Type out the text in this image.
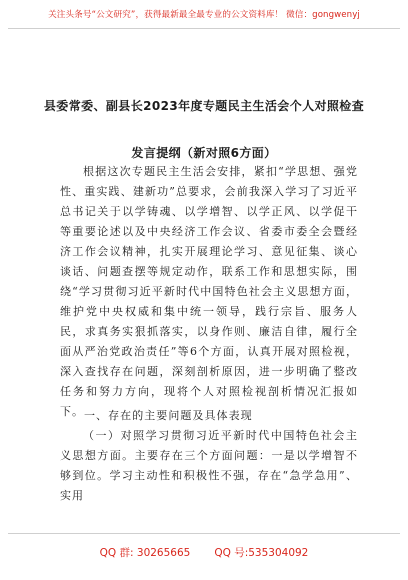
关注头条号“公文研究”，获得最新最全最专业的公文资料库！ 微信：gongwenyj
县委常委、副县长2023年度专题民主生活会个人对照检查
发言提纲（新对照6方面）
根据这次专题民主生活会安排，紧扣“学思想、强党性、重实践、建新功”总要求，会前我深入学习了习近平总书记关于以学铸魂、以学增智、以学正风、以学促干等重要论述以及中央经济工作会议、省委市委全会暨经济工作会议精神，扎实开展理论学习、意见征集、谈心谈话、问题查摆等规定动作，联系工作和思想实际，围绕“学习贯彻习近平新时代中国特色社会主义思想方面，维护党中央权威和集中统一领导，践行宗旨、服务人民，求真务实狠抓落实，以身作则、廉洁自律，履行全面从严治党政治责任”等6个方面，认真开展对照检视，深入查找存在问题，深刻剖析原因，进一步明确了整改任务和努力方向，现将个人对照检视剖析情况汇报如下。 一、存在的主要问题及具体表现
（一）对照学习贯彻习近平新时代中国特色社会主义思想方面。主要存在三个方面问题：一是以学增智不够到位。学习主动性和积极性不强，存在“急学急用”、实用
QQ 群: 30265665 QQ 号:535304092
